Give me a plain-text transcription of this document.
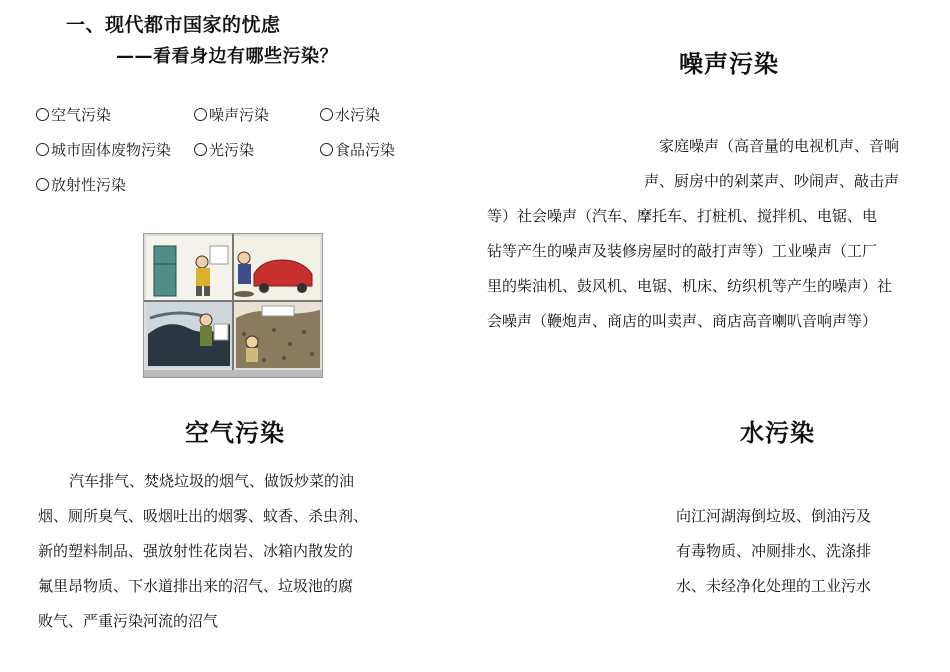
一、现代都市国家的忧虑
——看看身边有哪些污染？
空气污染	噪声污染	水污染
城市固体废物污染	光污染	食品污染
放射性污染
噪声污染
家庭噪声（高音量的电视机声、音响
声、厨房中的剁菜声、吵闹声、敲击声
等）社会噪声（汽车、摩托车、打桩机、搅拌机、电锯、电
钻等产生的噪声及装修房屋时的敲打声等）工业噪声（工厂
里的柴油机、鼓风机、电锯、机床、纺织机等产生的噪声）社
会噪声（鞭炮声、商店的叫卖声、商店高音喇叭音响声等）
空气污染
汽车排气、焚烧垃圾的烟气、做饭炒菜的油
烟、厕所臭气、吸烟吐出的烟雾、蚊香、杀虫剂、
新的塑料制品、强放射性花岗岩、冰箱内散发的
氟里昂物质、下水道排出来的沼气、垃圾池的腐
败气、严重污染河流的沼气
水污染
向江河湖海倒垃圾、倒油污及
有毒物质、冲厕排水、洗涤排
水、未经净化处理的工业污水
